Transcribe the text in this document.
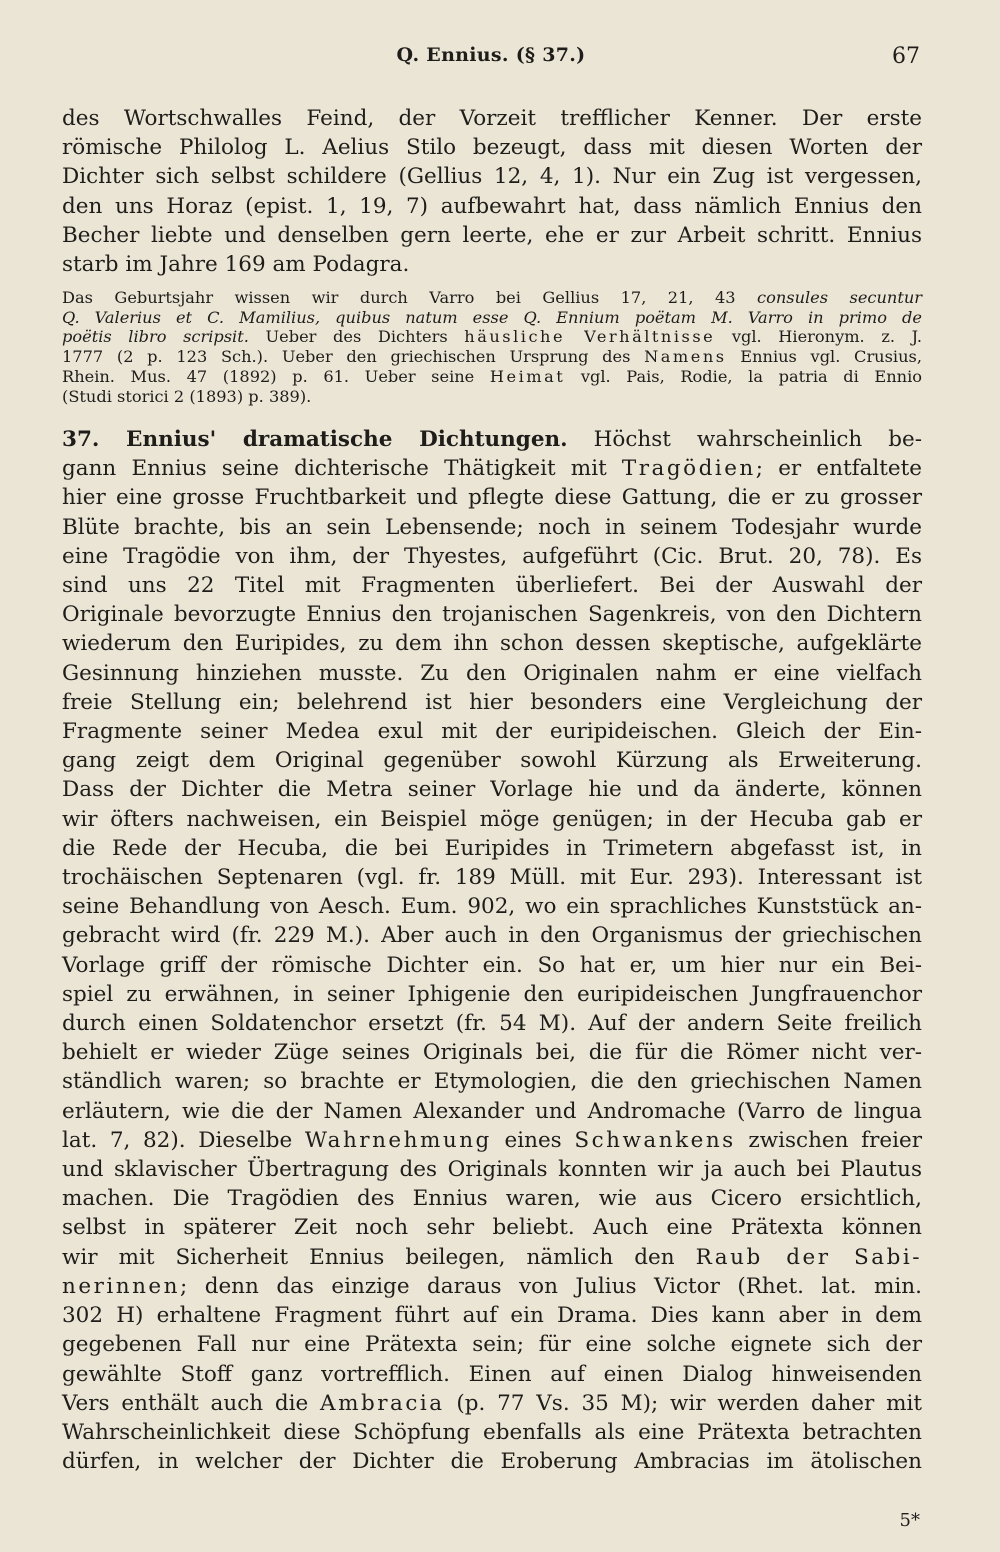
Q. Ennius. (§ 37.)	67
des Wortschwalles Feind, der Vorzeit trefflicher Kenner. Der erste
römische Philolog L. Aelius Stilo bezeugt, dass mit diesen Worten der
Dichter sich selbst schildere (Gellius 12, 4, 1). Nur ein Zug ist vergessen,
den uns Horaz (epist. 1, 19, 7) aufbewahrt hat, dass nämlich Ennius den
Becher liebte und denselben gern leerte, ehe er zur Arbeit schritt. Ennius
starb im Jahre 169 am Podagra.
Das Geburtsjahr wissen wir durch Varro bei Gellius 17, 21, 43 consules secuntur
Q. Valerius et C. Mamilius, quibus natum esse Q. Ennium poëtam M. Varro in primo de
poëtis libro scripsit. Ueber des Dichters häusliche Verhältnisse vgl. Hieronym. z. J.
1777 (2 p. 123 Sch.). Ueber den griechischen Ursprung des Namens Ennius vgl. Crusius,
Rhein. Mus. 47 (1892) p. 61. Ueber seine Heimat vgl. Pais, Rodie, la patria di Ennio
(Studi storici 2 (1893) p. 389).
37. Ennius' dramatische Dichtungen. Höchst wahrscheinlich be-
gann Ennius seine dichterische Thätigkeit mit Tragödien; er entfaltete
hier eine grosse Fruchtbarkeit und pflegte diese Gattung, die er zu grosser
Blüte brachte, bis an sein Lebensende; noch in seinem Todesjahr wurde
eine Tragödie von ihm, der Thyestes, aufgeführt (Cic. Brut. 20, 78). Es
sind uns 22 Titel mit Fragmenten überliefert. Bei der Auswahl der
Originale bevorzugte Ennius den trojanischen Sagenkreis, von den Dichtern
wiederum den Euripides, zu dem ihn schon dessen skeptische, aufgeklärte
Gesinnung hinziehen musste. Zu den Originalen nahm er eine vielfach
freie Stellung ein; belehrend ist hier besonders eine Vergleichung der
Fragmente seiner Medea exul mit der euripideischen. Gleich der Ein-
gang zeigt dem Original gegenüber sowohl Kürzung als Erweiterung.
Dass der Dichter die Metra seiner Vorlage hie und da änderte, können
wir öfters nachweisen, ein Beispiel möge genügen; in der Hecuba gab er
die Rede der Hecuba, die bei Euripides in Trimetern abgefasst ist, in
trochäischen Septenaren (vgl. fr. 189 Müll. mit Eur. 293). Interessant ist
seine Behandlung von Aesch. Eum. 902, wo ein sprachliches Kunststück an-
gebracht wird (fr. 229 M.). Aber auch in den Organismus der griechischen
Vorlage griff der römische Dichter ein. So hat er, um hier nur ein Bei-
spiel zu erwähnen, in seiner Iphigenie den euripideischen Jungfrauenchor
durch einen Soldatenchor ersetzt (fr. 54 M). Auf der andern Seite freilich
behielt er wieder Züge seines Originals bei, die für die Römer nicht ver-
ständlich waren; so brachte er Etymologien, die den griechischen Namen
erläutern, wie die der Namen Alexander und Andromache (Varro de lingua
lat. 7, 82). Dieselbe Wahrnehmung eines Schwankens zwischen freier
und sklavischer Übertragung des Originals konnten wir ja auch bei Plautus
machen. Die Tragödien des Ennius waren, wie aus Cicero ersichtlich,
selbst in späterer Zeit noch sehr beliebt. Auch eine Prätexta können
wir mit Sicherheit Ennius beilegen, nämlich den Raub der Sabi-
nerinnen; denn das einzige daraus von Julius Victor (Rhet. lat. min.
302 H) erhaltene Fragment führt auf ein Drama. Dies kann aber in dem
gegebenen Fall nur eine Prätexta sein; für eine solche eignete sich der
gewählte Stoff ganz vortrefflich. Einen auf einen Dialog hinweisenden
Vers enthält auch die Ambracia (p. 77 Vs. 35 M); wir werden daher mit
Wahrscheinlichkeit diese Schöpfung ebenfalls als eine Prätexta betrachten
dürfen, in welcher der Dichter die Eroberung Ambracias im ätolischen
5*
